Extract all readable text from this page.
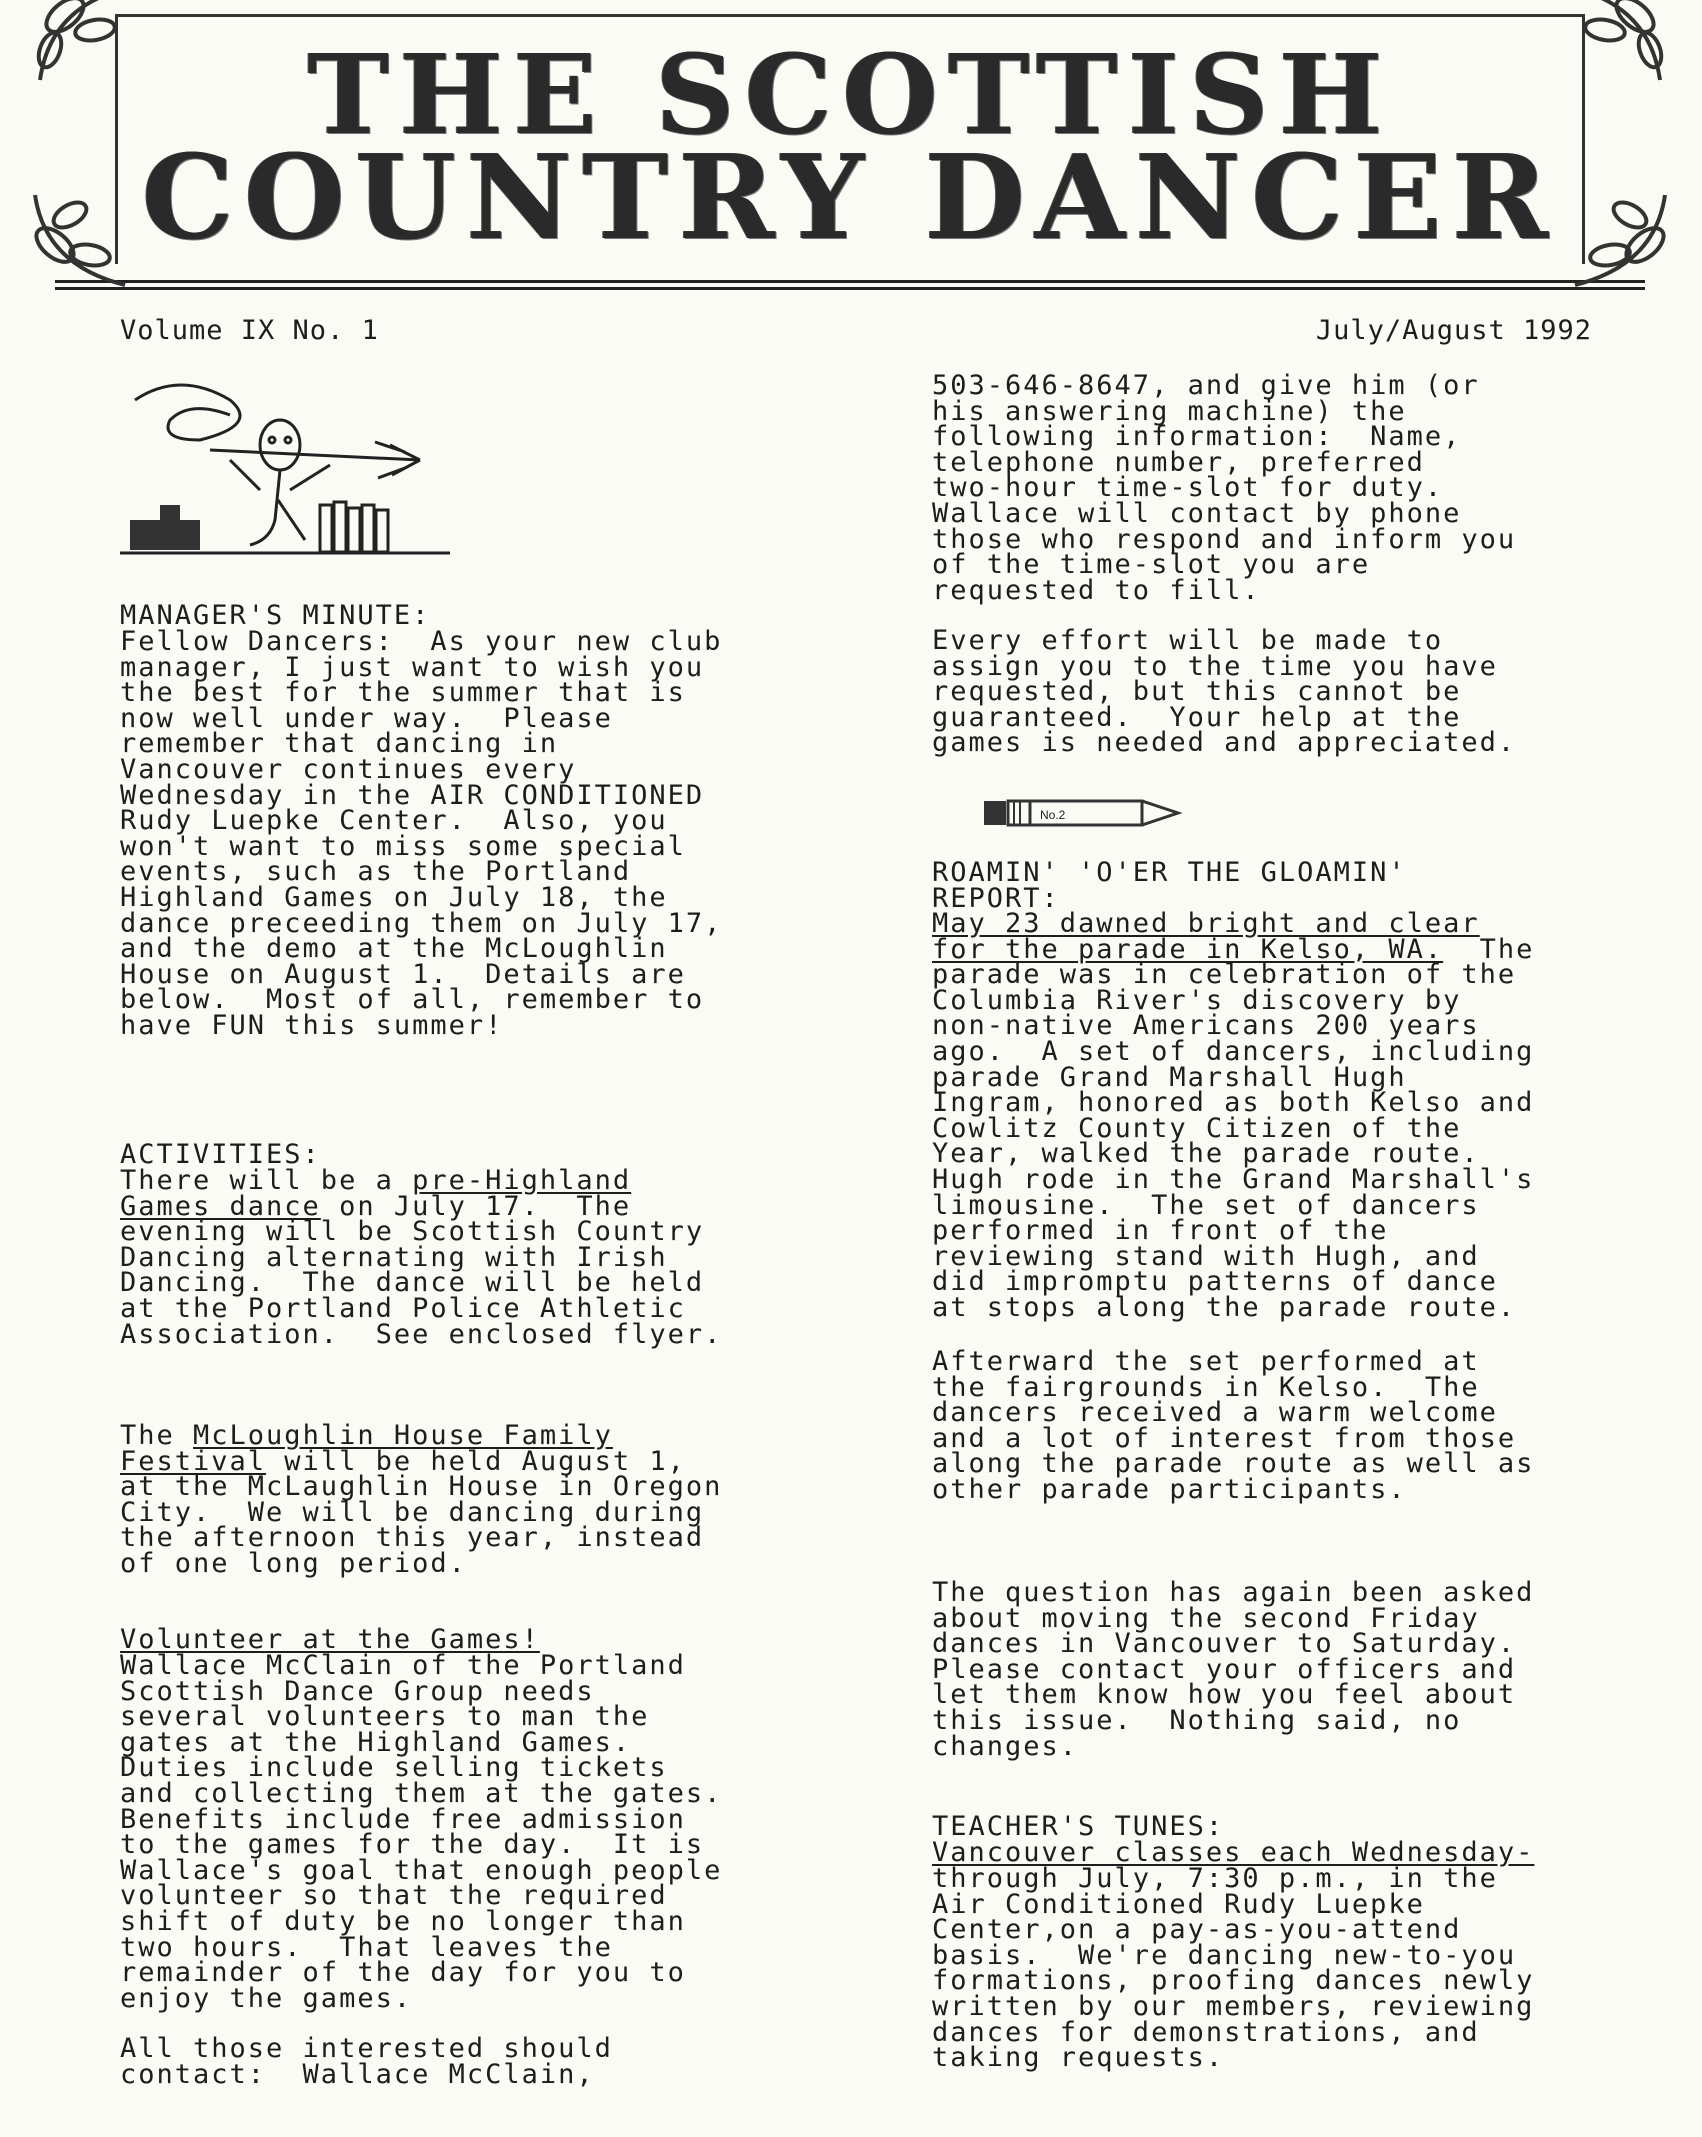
THE SCOTTISH
COUNTRY DANCER
Volume IX No. 1	July/August 1992
MANAGER'S MINUTE:
Fellow Dancers:  As your new club
manager, I just want to wish you
the best for the summer that is
now well under way.  Please
remember that dancing in
Vancouver continues every
Wednesday in the AIR CONDITIONED
Rudy Luepke Center.  Also, you
won't want to miss some special
events, such as the Portland
Highland Games on July 18, the
dance preceeding them on July 17,
and the demo at the McLoughlin
House on August 1.  Details are
below.  Most of all, remember to
have FUN this summer!
ACTIVITIES:
There will be a pre-Highland
Games dance on July 17.  The
evening will be Scottish Country
Dancing alternating with Irish
Dancing.  The dance will be held
at the Portland Police Athletic
Association.  See enclosed flyer.
The McLoughlin House Family
Festival will be held August 1,
at the McLaughlin House in Oregon
City.  We will be dancing during
the afternoon this year, instead
of one long period.
Volunteer at the Games!
Wallace McClain of the Portland
Scottish Dance Group needs
several volunteers to man the
gates at the Highland Games.
Duties include selling tickets
and collecting them at the gates.
Benefits include free admission
to the games for the day.  It is
Wallace's goal that enough people
volunteer so that the required
shift of duty be no longer than
two hours.  That leaves the
remainder of the day for you to
enjoy the games.
All those interested should
contact:  Wallace McClain,
503-646-8647, and give him (or
his answering machine) the
following information:  Name,
telephone number, preferred
two-hour time-slot for duty.
Wallace will contact by phone
those who respond and inform you
of the time-slot you are
requested to fill.
Every effort will be made to
assign you to the time you have
requested, but this cannot be
guaranteed.  Your help at the
games is needed and appreciated.
No.2
ROAMIN' 'O'ER THE GLOAMIN'
REPORT:
May 23 dawned bright and clear
for the parade in Kelso, WA.  The
parade was in celebration of the
Columbia River's discovery by
non-native Americans 200 years
ago.  A set of dancers, including
parade Grand Marshall Hugh
Ingram, honored as both Kelso and
Cowlitz County Citizen of the
Year, walked the parade route.
Hugh rode in the Grand Marshall's
limousine.  The set of dancers
performed in front of the
reviewing stand with Hugh, and
did impromptu patterns of dance
at stops along the parade route.
Afterward the set performed at
the fairgrounds in Kelso.  The
dancers received a warm welcome
and a lot of interest from those
along the parade route as well as
other parade participants.
The question has again been asked
about moving the second Friday
dances in Vancouver to Saturday.
Please contact your officers and
let them know how you feel about
this issue.  Nothing said, no
changes.
TEACHER'S TUNES:
Vancouver classes each Wednesday-
through July, 7:30 p.m., in the
Air Conditioned Rudy Luepke
Center,on a pay-as-you-attend
basis.  We're dancing new-to-you
formations, proofing dances newly
written by our members, reviewing
dances for demonstrations, and
taking requests.
